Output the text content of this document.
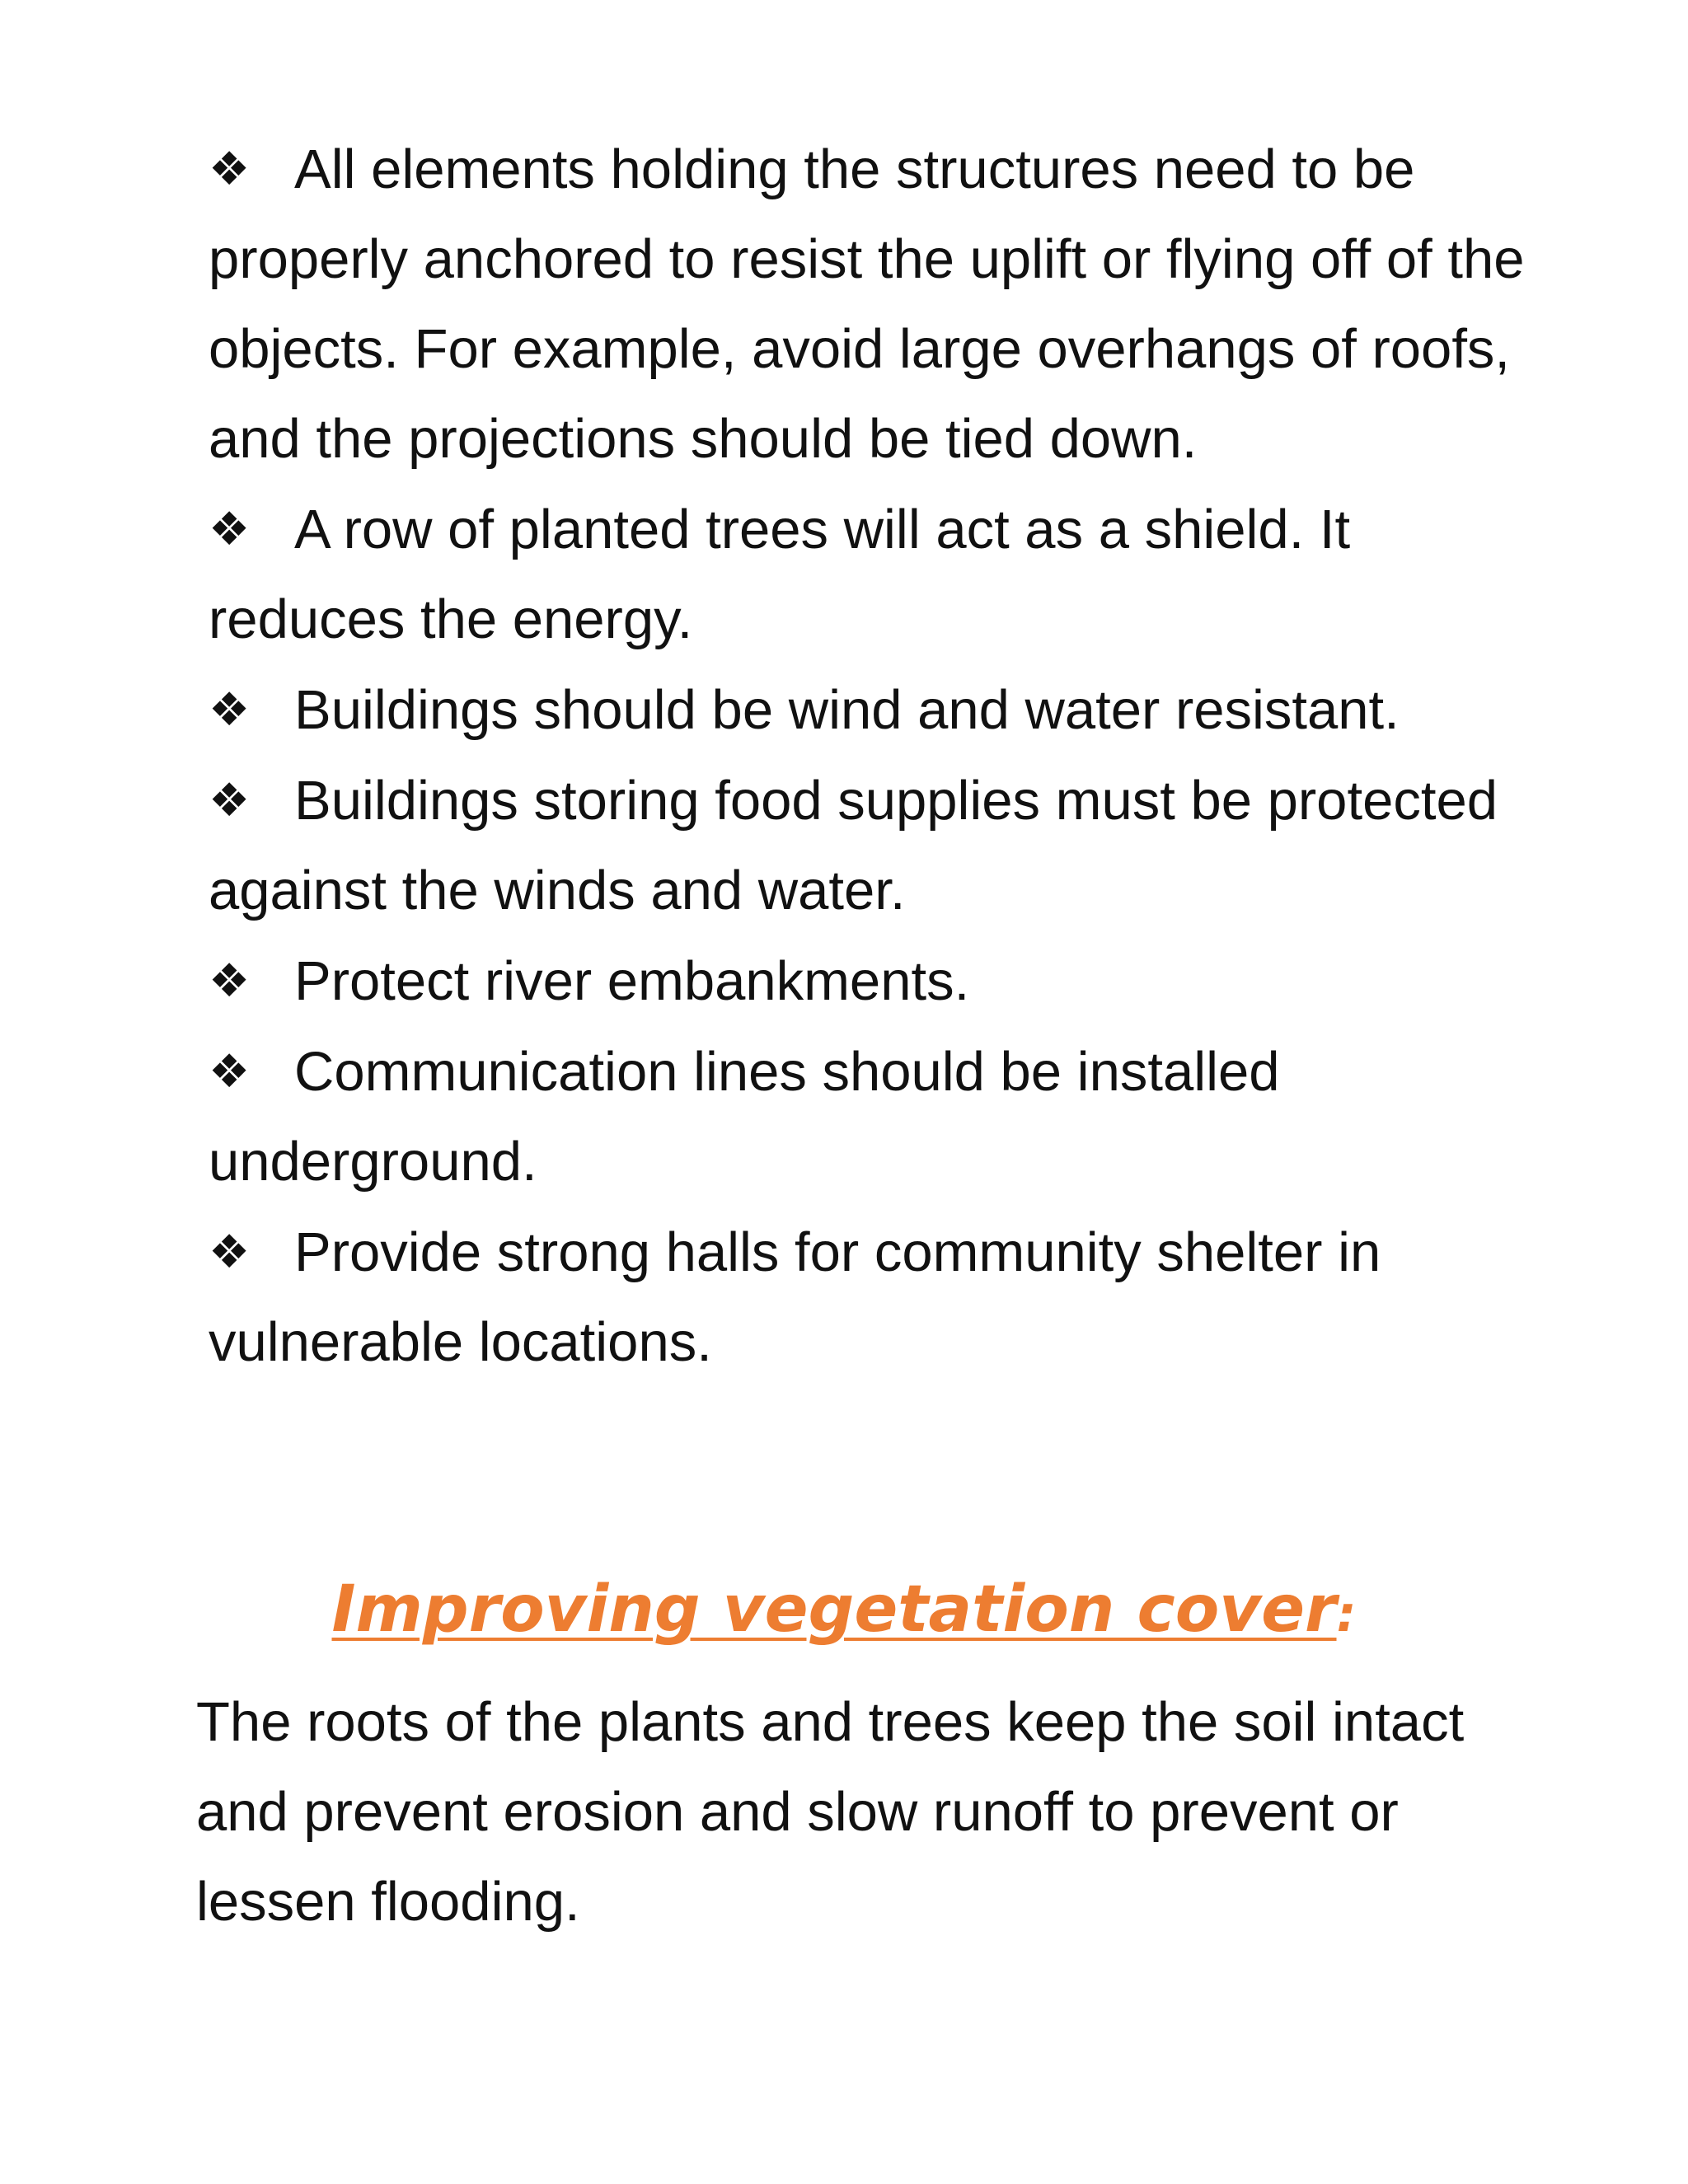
❖ All elements holding the structures need to be properly anchored to resist the uplift or flying off of the objects. For example, avoid large overhangs of roofs, and the projections should be tied down.
❖ A row of planted trees will act as a shield. It reduces the energy.
❖ Buildings should be wind and water resistant.
❖ Buildings storing food supplies must be protected against the winds and water.
❖ Protect river embankments.
❖ Communication lines should be installed underground.
❖ Provide strong halls for community shelter in vulnerable locations.
Improving vegetation cover:

The roots of the plants and trees keep the soil intact and prevent erosion and slow runoff to prevent or lessen flooding.
